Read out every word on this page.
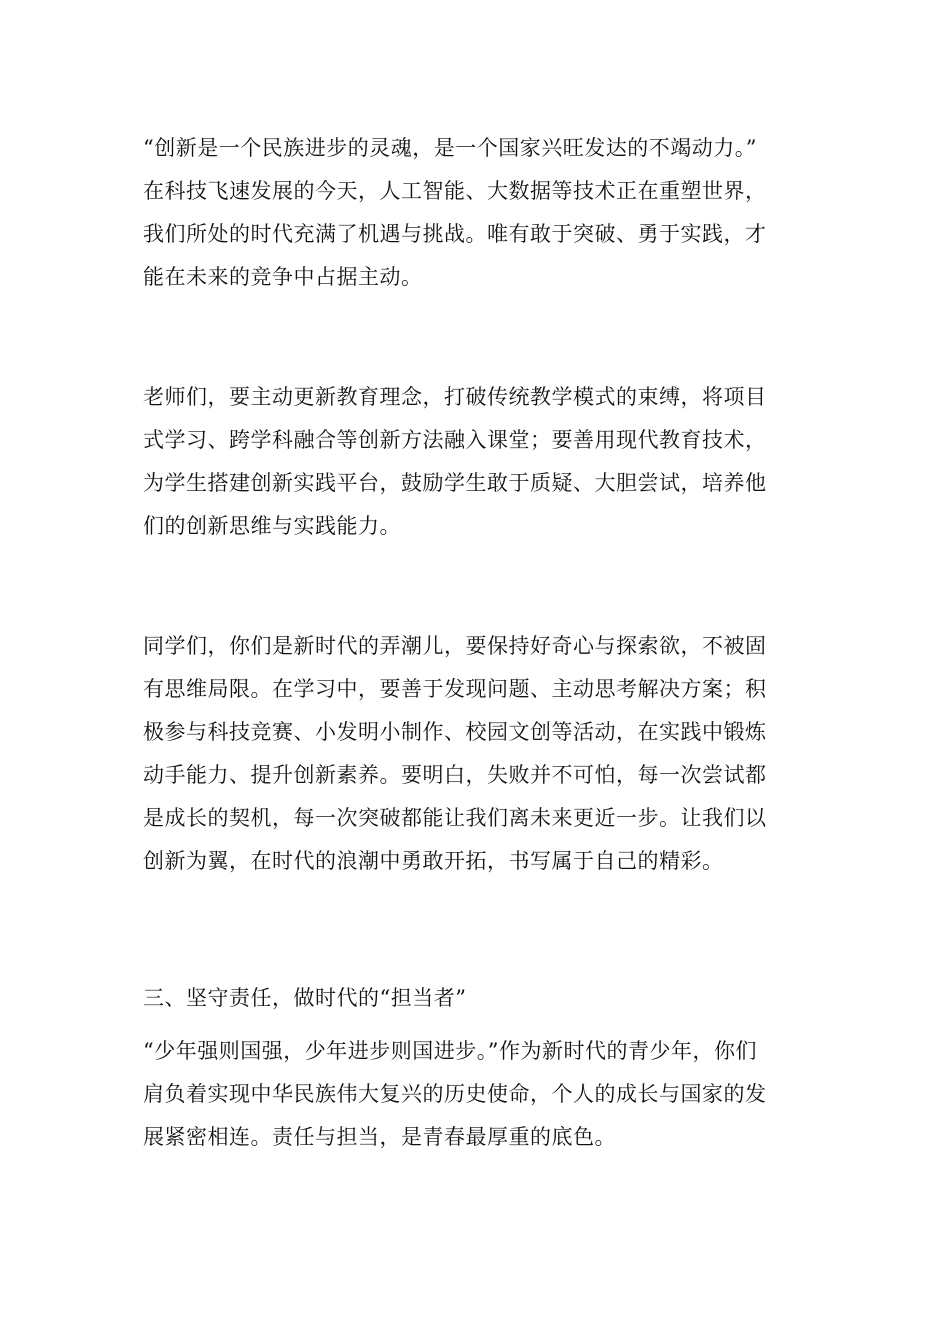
“创新是一个民族进步的灵魂，是一个国家兴旺发达的不竭动力。”
在科技飞速发展的今天，人工智能、大数据等技术正在重塑世界，
我们所处的时代充满了机遇与挑战。唯有敢于突破、勇于实践，才
能在未来的竞争中占据主动。
老师们，要主动更新教育理念，打破传统教学模式的束缚，将项目
式学习、跨学科融合等创新方法融入课堂；要善用现代教育技术，
为学生搭建创新实践平台，鼓励学生敢于质疑、大胆尝试，培养他
们的创新思维与实践能力。
同学们，你们是新时代的弄潮儿，要保持好奇心与探索欲，不被固
有思维局限。在学习中，要善于发现问题、主动思考解决方案；积
极参与科技竞赛、小发明小制作、校园文创等活动，在实践中锻炼
动手能力、提升创新素养。要明白，失败并不可怕，每一次尝试都
是成长的契机，每一次突破都能让我们离未来更近一步。让我们以
创新为翼，在时代的浪潮中勇敢开拓，书写属于自己的精彩。
三、坚守责任，做时代的“担当者”
“少年强则国强，少年进步则国进步。”作为新时代的青少年，你们
肩负着实现中华民族伟大复兴的历史使命，个人的成长与国家的发
展紧密相连。责任与担当，是青春最厚重的底色。
